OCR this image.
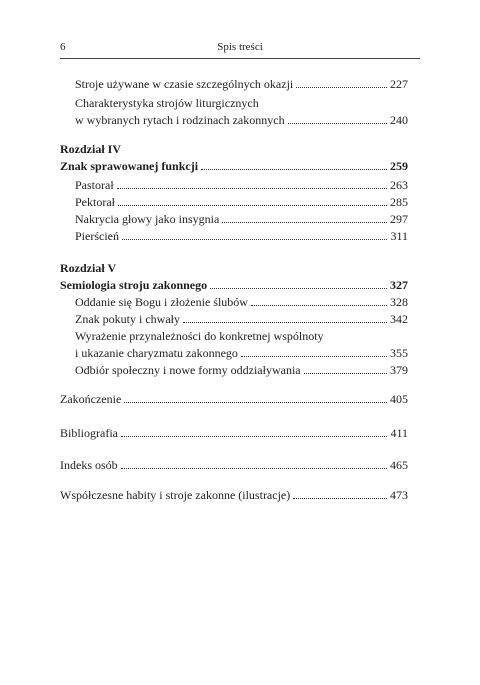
6	Spis treści
Stroje używane w czasie szczególnych okazji	227
Charakterystyka strojów liturgicznych
w wybranych rytach i rodzinach zakonnych	240
Rozdział IV
Znak sprawowanej funkcji	259
Pastorał	263
Pektorał	285
Nakrycia głowy jako insygnia	297
Pierścień	311
Rozdział V
Semiologia stroju zakonnego	327
Oddanie się Bogu i złożenie ślubów	328
Znak pokuty i chwały	342
Wyrażenie przynależności do konkretnej wspólnoty
i ukazanie charyzmatu zakonnego	355
Odbiór społeczny i nowe formy oddziaływania	379
Zakończenie	405
Bibliografia	411
Indeks osób	465
Współczesne habity i stroje zakonne (ilustracje)	473
